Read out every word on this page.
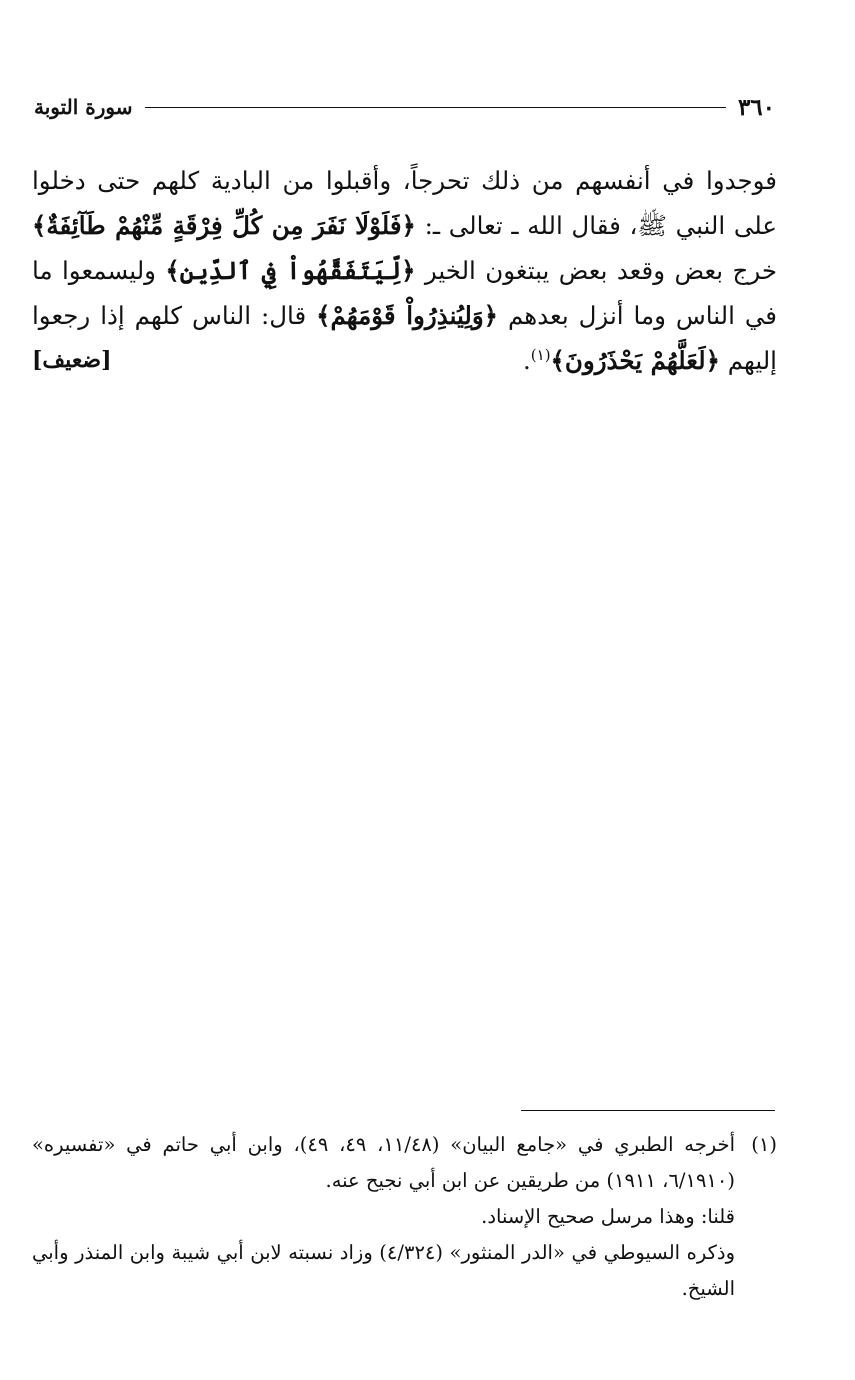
٣٦٠
سورة التوبة
فوجدوا في أنفسهم من ذلك تحرجاً، وأقبلوا من البادية كلهم حتى دخلوا على النبي ﷺ، فقال الله ـ تعالى ـ: ﴿فَلَوْلَا نَفَرَ مِن كُلِّ فِرْقَةٍ مِّنْهُمْ طَآئِفَةٌ﴾ خرج بعض وقعد بعض يبتغون الخير ﴿لِّيَتَفَقَّهُواْ فِي ٱلدِّينِ﴾ وليسمعوا ما في الناس وما أنزل بعدهم ﴿وَلِيُنذِرُواْ قَوْمَهُمْ﴾ قال: الناس كلهم إذا رجعوا إليهم ﴿لَعَلَّهُمْ يَحْذَرُونَ﴾$^{(١)}$.
[ضعيف]
(١)
أخرجه الطبري في «جامع البيان» (١١/٤٨، ٤٩، ٤٩)، وابن أبي حاتم في «تفسيره» (٦/١٩١٠، ١٩١١) من طريقين عن ابن أبي نجيح عنه.
قلنا: وهذا مرسل صحيح الإسناد.
وذكره السيوطي في «الدر المنثور» (٤/٣٢٤) وزاد نسبته لابن أبي شيبة وابن المنذر وأبي الشيخ.
